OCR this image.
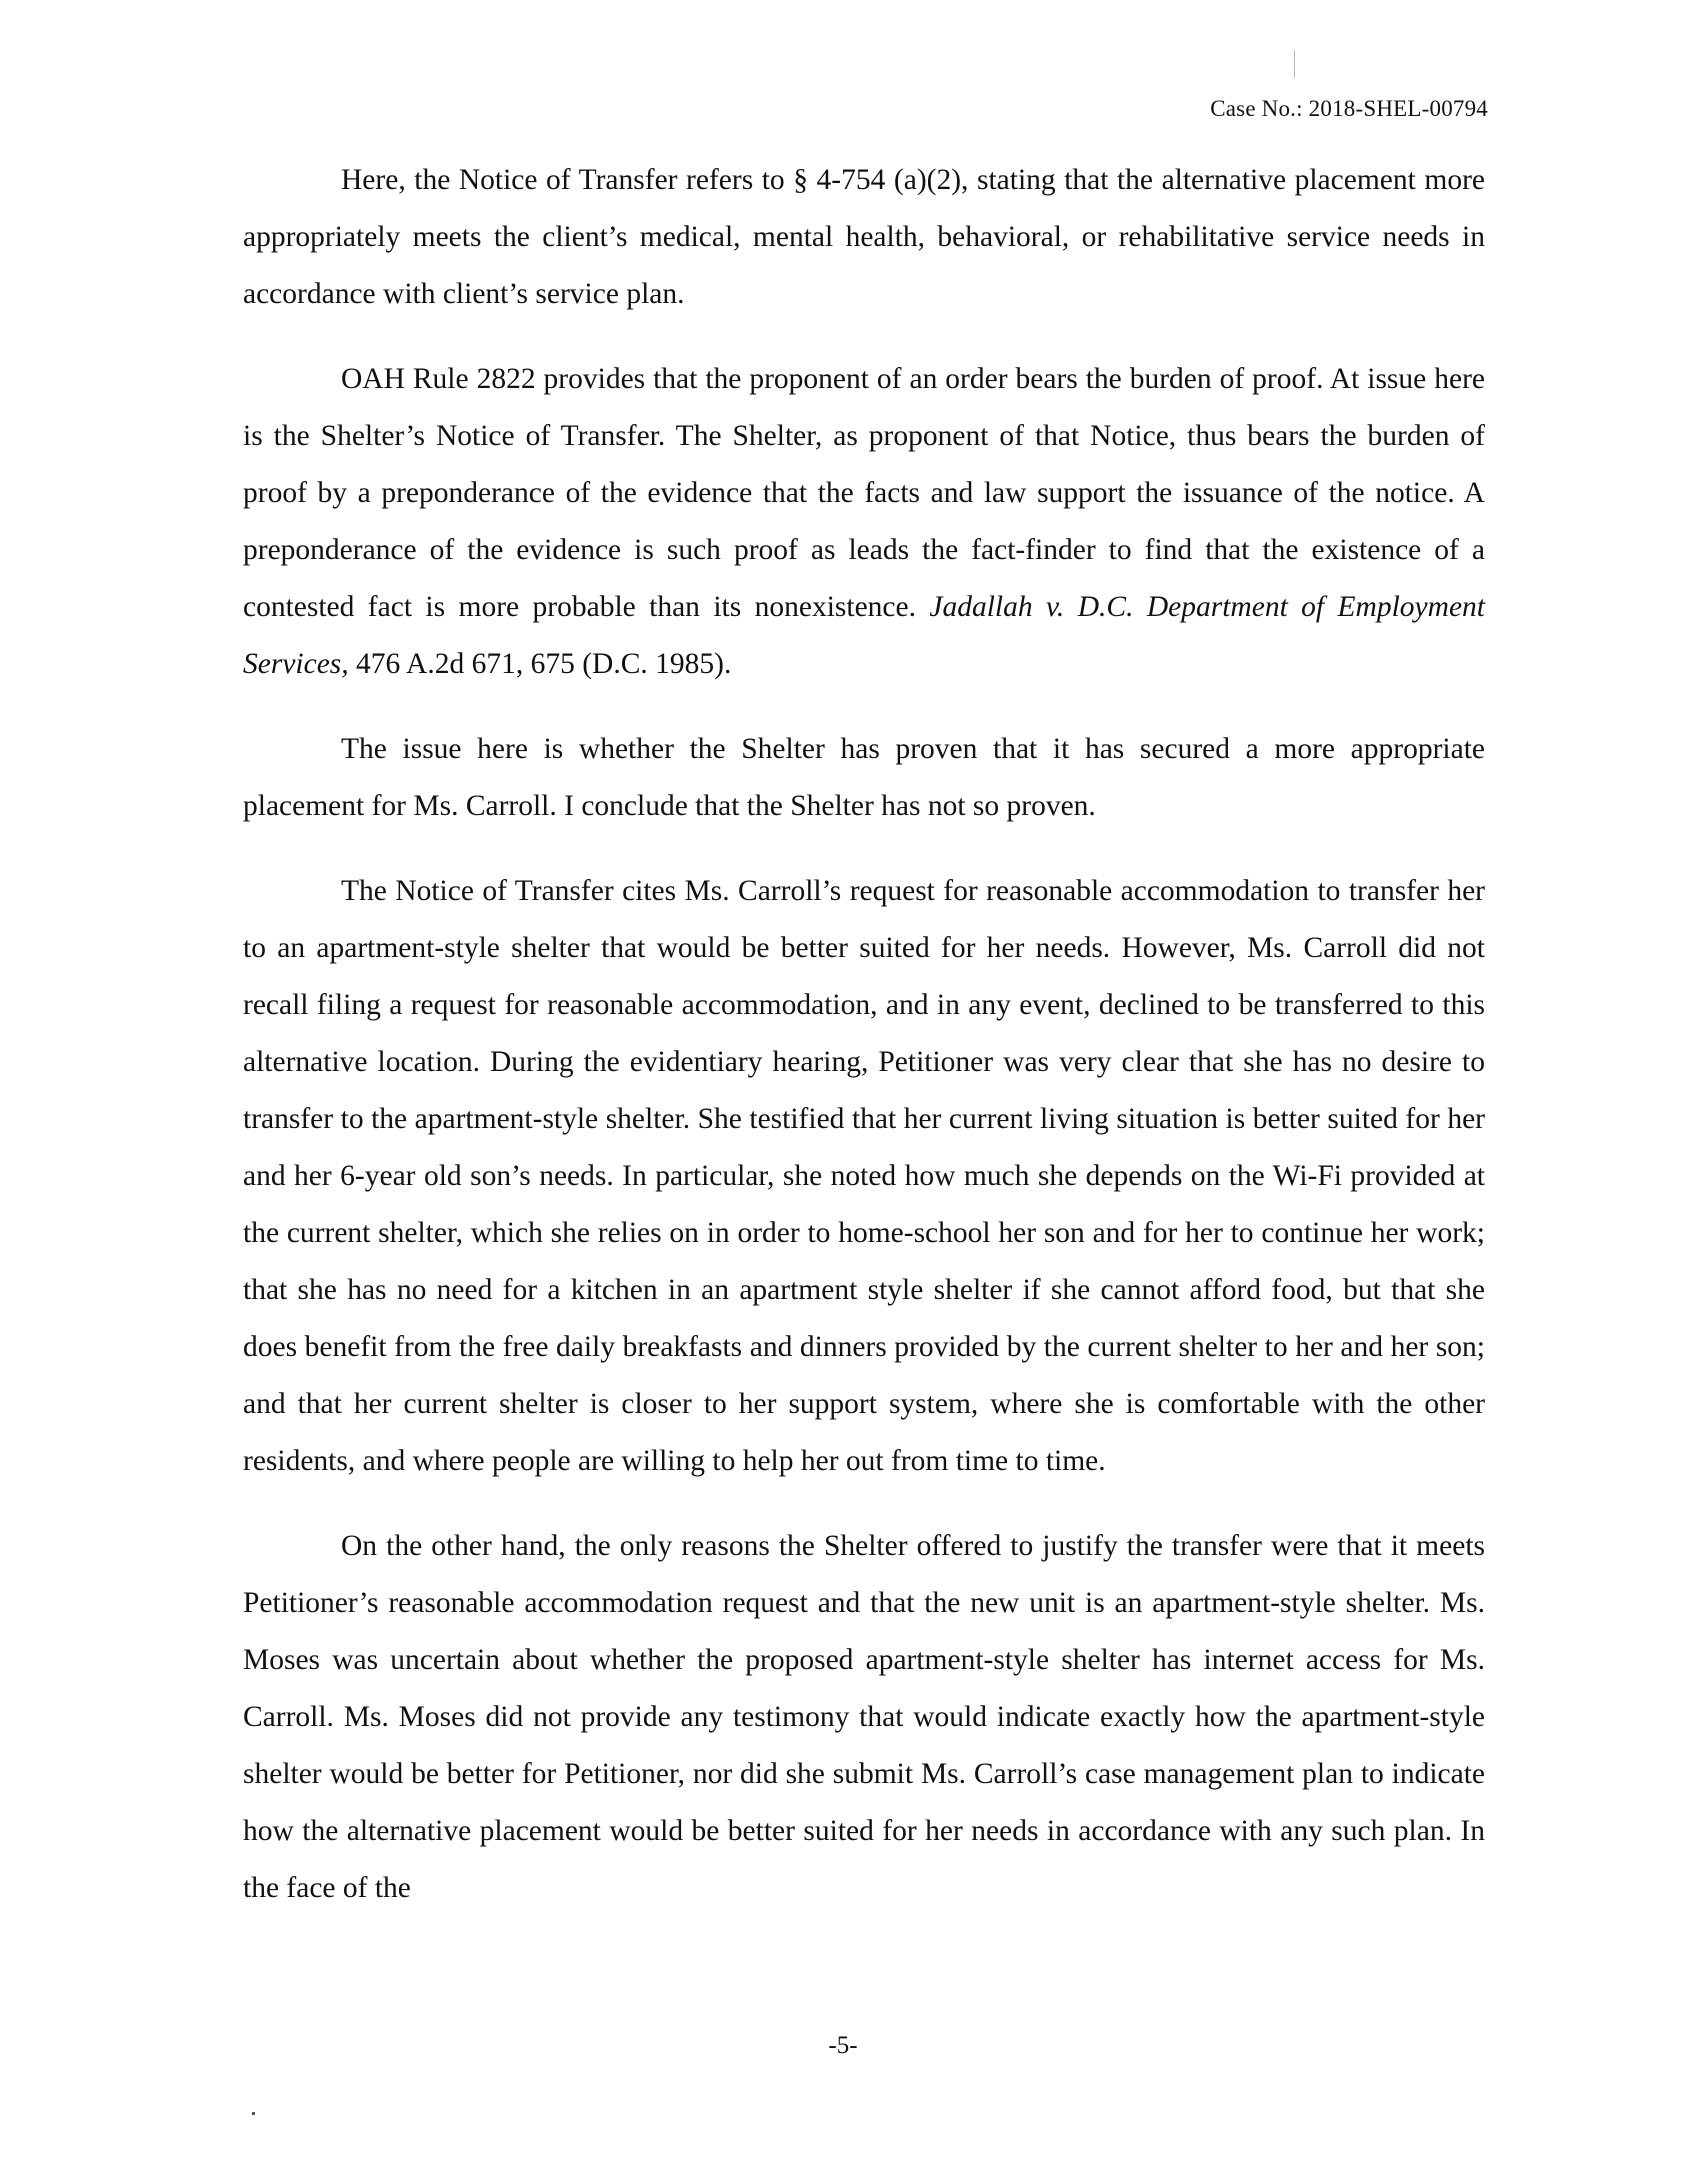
Case No.: 2018-SHEL-00794

Here, the Notice of Transfer refers to § 4-754 (a)(2), stating that the alternative placement more appropriately meets the client’s medical, mental health, behavioral, or rehabilitative service needs in accordance with client’s service plan.

OAH Rule 2822 provides that the proponent of an order bears the burden of proof. At issue here is the Shelter’s Notice of Transfer. The Shelter, as proponent of that Notice, thus bears the burden of proof by a preponderance of the evidence that the facts and law support the issuance of the notice. A preponderance of the evidence is such proof as leads the fact-finder to find that the existence of a contested fact is more probable than its nonexistence. Jadallah v. D.C. Department of Employment Services, 476 A.2d 671, 675 (D.C. 1985).

The issue here is whether the Shelter has proven that it has secured a more appropriate placement for Ms. Carroll. I conclude that the Shelter has not so proven.

The Notice of Transfer cites Ms. Carroll’s request for reasonable accommodation to transfer her to an apartment-style shelter that would be better suited for her needs. However, Ms. Carroll did not recall filing a request for reasonable accommodation, and in any event, declined to be transferred to this alternative location. During the evidentiary hearing, Petitioner was very clear that she has no desire to transfer to the apartment-style shelter. She testified that her current living situation is better suited for her and her 6-year old son’s needs. In particular, she noted how much she depends on the Wi-Fi provided at the current shelter, which she relies on in order to home-school her son and for her to continue her work; that she has no need for a kitchen in an apartment style shelter if she cannot afford food, but that she does benefit from the free daily breakfasts and dinners provided by the current shelter to her and her son; and that her current shelter is closer to her support system, where she is comfortable with the other residents, and where people are willing to help her out from time to time.

On the other hand, the only reasons the Shelter offered to justify the transfer were that it meets Petitioner’s reasonable accommodation request and that the new unit is an apartment-style shelter. Ms. Moses was uncertain about whether the proposed apartment-style shelter has internet access for Ms. Carroll. Ms. Moses did not provide any testimony that would indicate exactly how the apartment-style shelter would be better for Petitioner, nor did she submit Ms. Carroll’s case management plan to indicate how the alternative placement would be better suited for her needs in accordance with any such plan. In the face of the

-5-
